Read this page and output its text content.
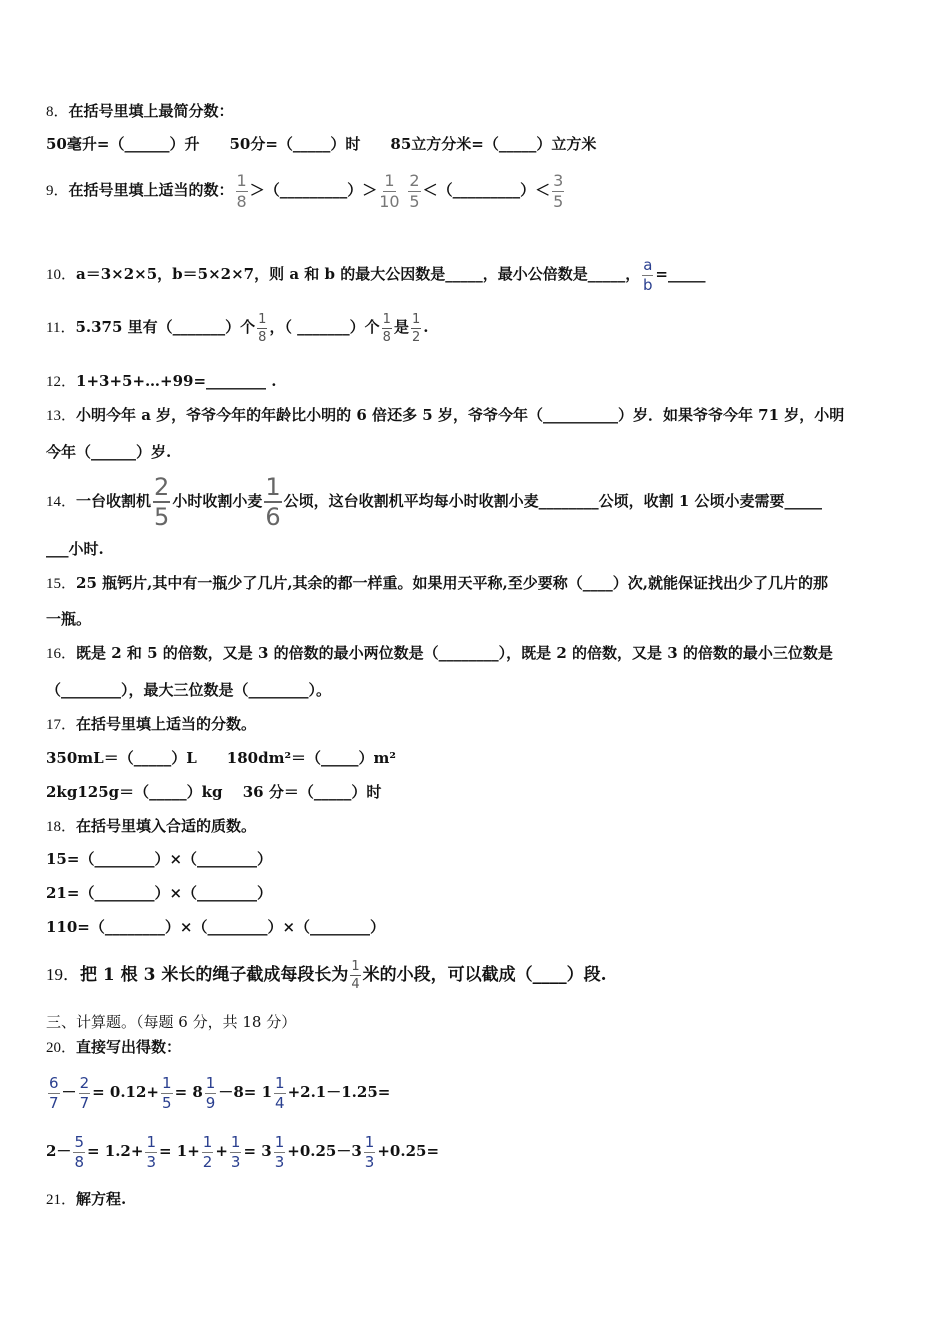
8．在括号里填上最简分数：
50毫升=（______）升　　50分=（_____）时　　85立方分米=（_____）立方米
9．在括号里填上适当的数： $\frac{1}{8}$ ＞（_________）＞ $\frac{1}{10}$
$\frac{2}{5}$ ＜（_________）＜ $\frac{3}{5}$
10．a＝3×2×5，b＝5×2×7，则 a 和 b 的最大公因数是_____，最小公倍数是_____， $\frac{a}{b}$ =_____
11．5.375 里有（_______）个 $\frac{1}{8}$ ，（ _______）个 $\frac{1}{8}$ 是 $\frac{1}{2}$ .
12．1+3+5+…+99=________ .
13．小明今年 a 岁，爷爷今年的年龄比小明的 6 倍还多 5 岁，爷爷今年（__________）岁．如果爷爷今年 71 岁，小明
今年（______）岁.
14．一台收割机 $\frac{2}{5}$ 小时收割小麦 $\frac{1}{6}$ 公顷，这台收割机平均每小时收割小麦________公顷，收割 1 公顷小麦需要_____
___小时.
15．25 瓶钙片,其中有一瓶少了几片,其余的都一样重。如果用天平称,至少要称（____）次,就能保证找出少了几片的那
一瓶。
16．既是 2 和 5 的倍数，又是 3 的倍数的最小两位数是（________），既是 2 的倍数，又是 3 的倍数的最小三位数是
（________），最大三位数是（________）。
17．在括号里填上适当的分数。
350mL＝（_____）L　　180dm²＝（_____）m²
2kg125g＝（_____）kg　 36 分＝（_____）时
18．在括号里填入合适的质数。
15=（________）×（________）
21=（________）×（________）
110=（________）×（________）×（________）
19．把 1 根 3 米长的绳子截成每段长为 $\frac{1}{4}$ 米的小段，可以截成（____）段.
三、计算题。（每题 6 分，共 18 分）
20．直接写出得数：
$\frac{6}{7} - \frac{2}{7} = 0.12+ \frac{1}{5} = 8 \frac{1}{9} -8= 1 \frac{1}{4} +2.1-1.25=$
$2- \frac{5}{8} = 1.2+ \frac{1}{3} = 1+ \frac{1}{2} + \frac{1}{3} = 3 \frac{1}{3} +0.25-3 \frac{1}{3} +0.25=$
21．解方程.
